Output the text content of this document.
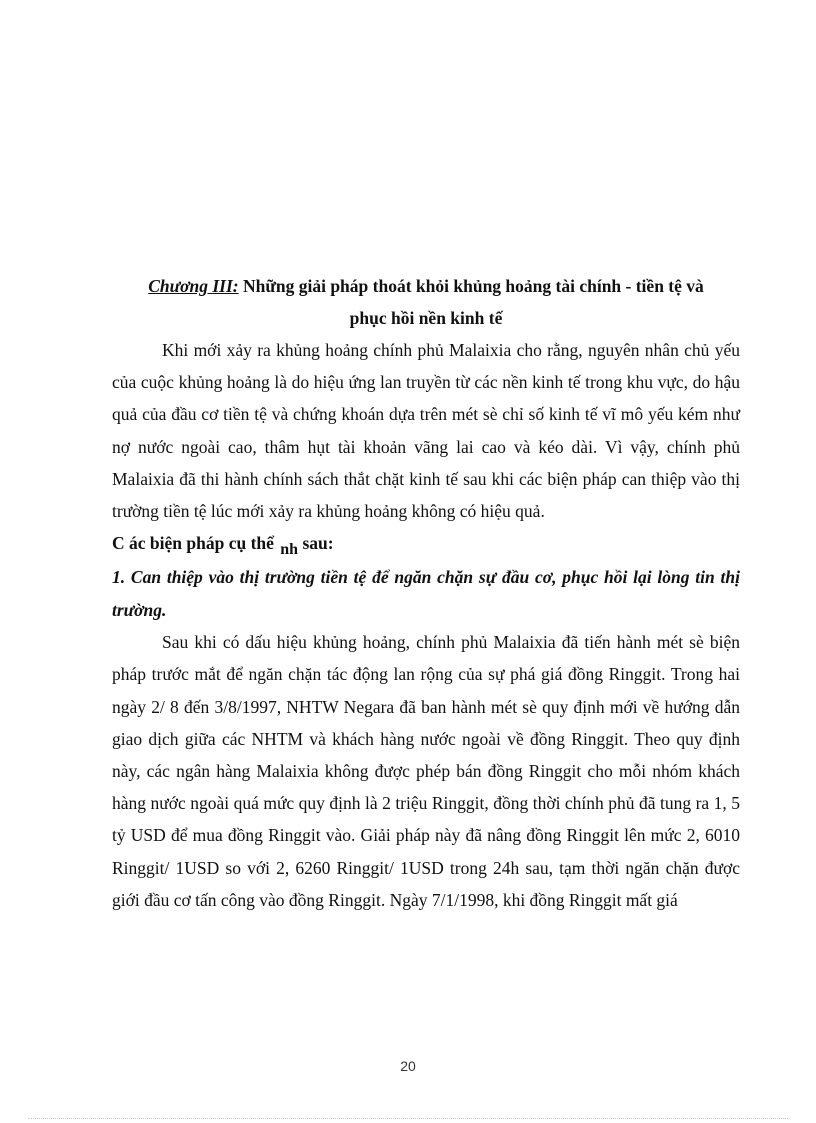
Chương III: Những giải pháp thoát khỏi khủng hoảng tài chính - tiền tệ và
phục hồi nền kinh tế

Khi mới xảy ra khủng hoảng chính phủ Malaixia cho rằng, nguyên nhân chủ yếu của cuộc khủng hoảng là do hiệu ứng lan truyền từ các nền kinh tế trong khu vực, do hậu quả của đầu cơ tiền tệ và chứng khoán dựa trên mét sè chỉ số kinh tế vĩ mô yếu kém như nợ nước ngoài cao, thâm hụt tài khoản vãng lai cao và kéo dài. Vì vậy, chính phủ Malaixia đã thi hành chính sách thắt chặt kinh tế sau khi các biện pháp can thiệp vào thị trường tiền tệ lúc mới xảy ra khủng hoảng không có hiệu quả.

C ác biện pháp cụ thể nh sau:

1. Can thiệp vào thị trường tiền tệ để ngăn chặn sự đầu cơ, phục hồi lại lòng tin thị trường.

Sau khi có dấu hiệu khủng hoảng, chính phủ Malaixia đã tiến hành mét sè biện pháp trước mắt để ngăn chặn tác động lan rộng của sự phá giá đồng Ringgit. Trong hai ngày 2/ 8 đến 3/8/1997, NHTW Negara đã ban hành mét sè quy định mới về hướng dẫn giao dịch giữa các NHTM và khách hàng nước ngoài về đồng Ringgit. Theo quy định này, các ngân hàng Malaixia không được phép bán đồng Ringgit cho mỗi nhóm khách hàng nước ngoài quá mức quy định là 2 triệu Ringgit, đồng thời chính phủ đã tung ra 1, 5 tỷ USD để mua đồng Ringgit vào. Giải pháp này đã nâng đồng Ringgit lên mức 2, 6010 Ringgit/ 1USD so với 2, 6260 Ringgit/ 1USD trong 24h sau, tạm thời ngăn chặn được giới đầu cơ tấn công vào đồng Ringgit. Ngày 7/1/1998, khi đồng Ringgit mất giá

20
